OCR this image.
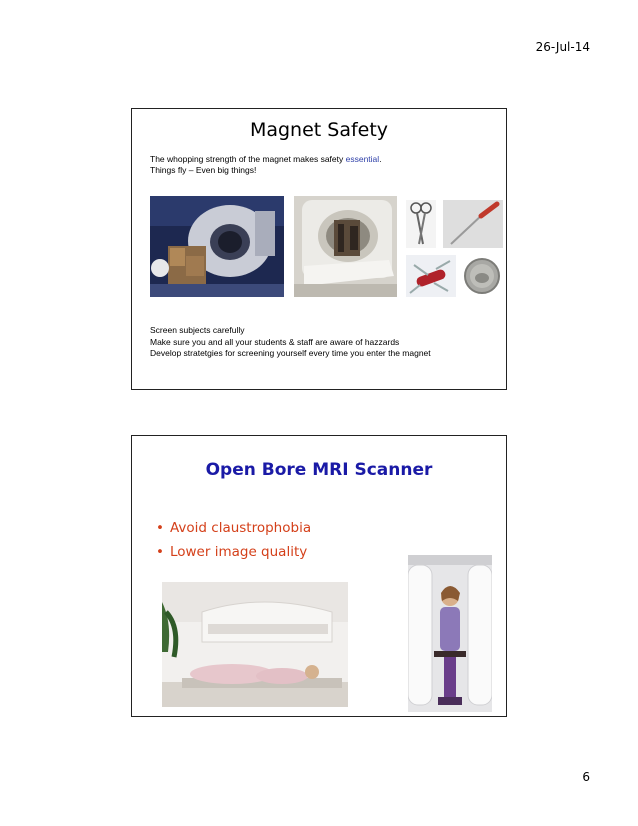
26-Jul-14
Magnet Safety
The whopping strength of the magnet makes safety essential.
Things fly – Even big things!
Screen subjects carefully
Make sure you and all your students & staff are aware of hazzards
Develop stratetgies for screening yourself every time you enter the magnet
Open Bore MRI Scanner
• Avoid claustrophobia
• Lower image quality
6
